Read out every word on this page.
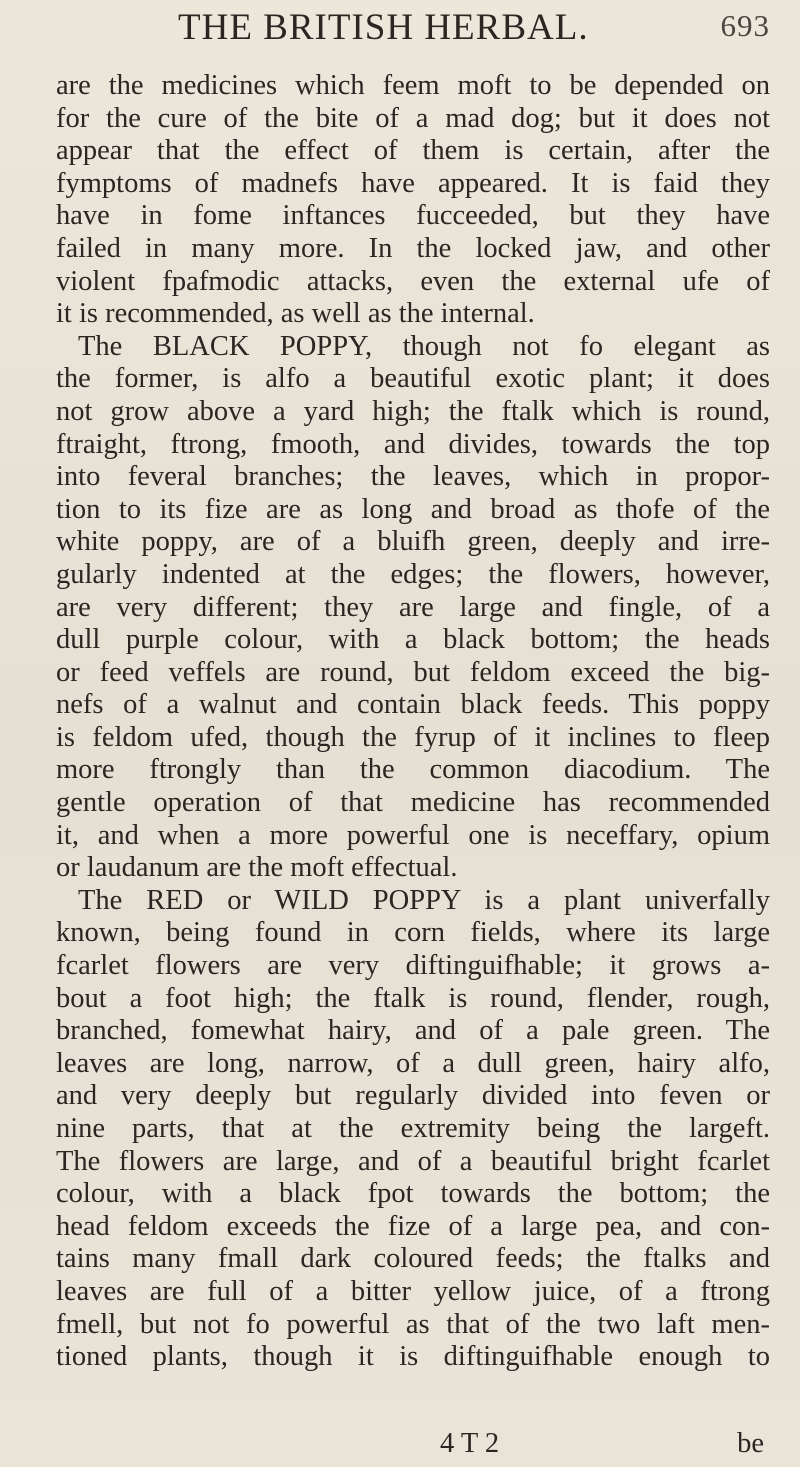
THE BRITISH HERBAL.	693
are the medicines which feem moft to be depended on
for the cure of the bite of a mad dog; but it does not
appear that the effect of them is certain, after the
fymptoms of madnefs have appeared. It is faid they
have in fome inftances fucceeded, but they have
failed in many more. In the locked jaw, and other
violent fpafmodic attacks, even the external ufe of
it is recommended, as well as the internal.
The BLACK POPPY, though not fo elegant as
the former, is alfo a beautiful exotic plant; it does
not grow above a yard high; the ftalk which is round,
ftraight, ftrong, fmooth, and divides, towards the top
into feveral branches; the leaves, which in propor-
tion to its fize are as long and broad as thofe of the
white poppy, are of a bluifh green, deeply and irre-
gularly indented at the edges; the flowers, however,
are very different; they are large and fingle, of a
dull purple colour, with a black bottom; the heads
or feed veffels are round, but feldom exceed the big-
nefs of a walnut and contain black feeds. This poppy
is feldom ufed, though the fyrup of it inclines to fleep
more ftrongly than the common diacodium. The
gentle operation of that medicine has recommended
it, and when a more powerful one is neceffary, opium
or laudanum are the moft effectual.
The RED or WILD POPPY is a plant univerfally
known, being found in corn fields, where its large
fcarlet flowers are very diftinguifhable; it grows a-
bout a foot high; the ftalk is round, flender, rough,
branched, fomewhat hairy, and of a pale green. The
leaves are long, narrow, of a dull green, hairy alfo,
and very deeply but regularly divided into feven or
nine parts, that at the extremity being the largeft.
The flowers are large, and of a beautiful bright fcarlet
colour, with a black fpot towards the bottom; the
head feldom exceeds the fize of a large pea, and con-
tains many fmall dark coloured feeds; the ftalks and
leaves are full of a bitter yellow juice, of a ftrong
fmell, but not fo powerful as that of the two laft men-
tioned plants, though it is diftinguifhable enough to
4 T 2	be
